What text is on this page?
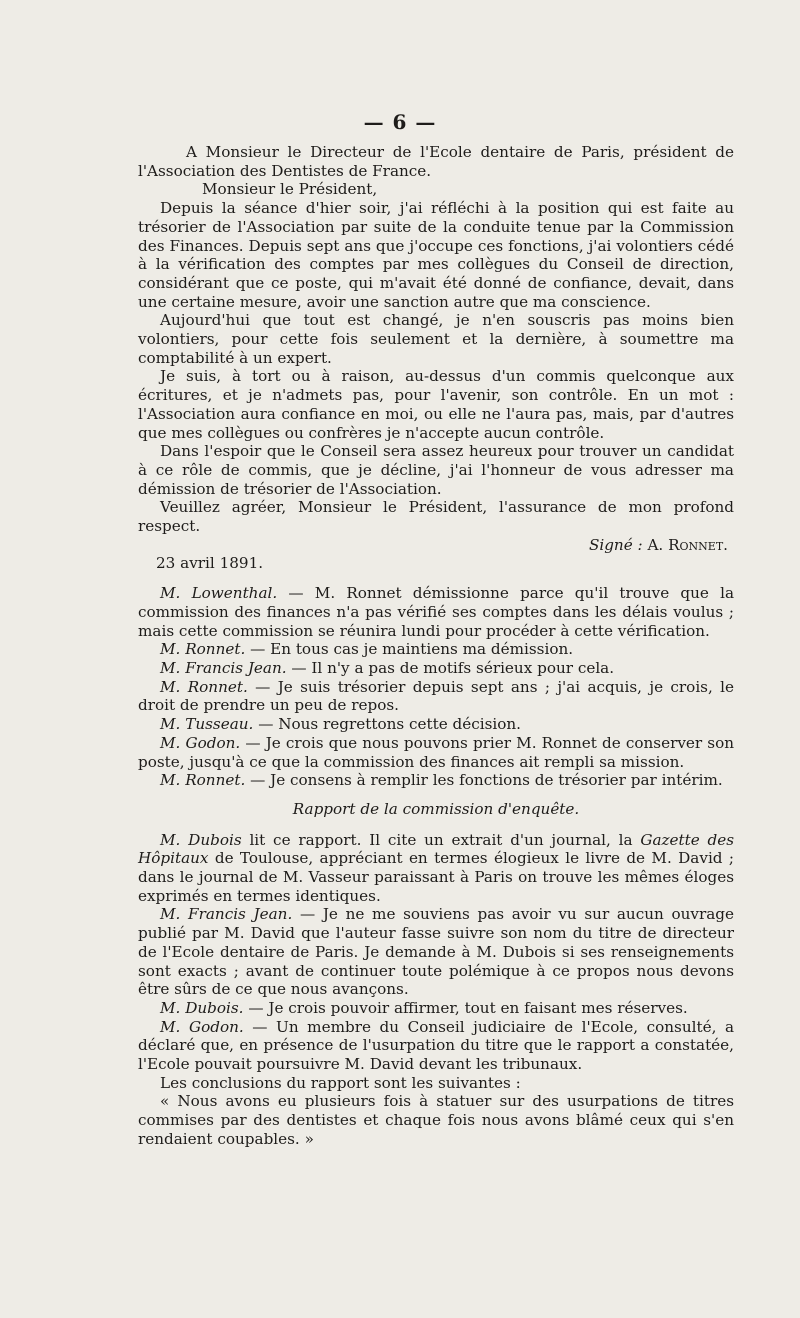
— 6 —

A Monsieur le Directeur de l'Ecole dentaire de Paris, président de l'Association des Dentistes de France.

Monsieur le Président,

Depuis la séance d'hier soir, j'ai réfléchi à la position qui est faite au trésorier de l'Association par suite de la conduite tenue par la Commission des Finances. Depuis sept ans que j'occupe ces fonctions, j'ai volontiers cédé à la vérification des comptes par mes collègues du Conseil de direction, considérant que ce poste, qui m'avait été donné de confiance, devait, dans une certaine mesure, avoir une sanction autre que ma conscience.

Aujourd'hui que tout est changé, je n'en souscris pas moins bien volontiers, pour cette fois seulement et la dernière, à soumettre ma comptabilité à un expert.

Je suis, à tort ou à raison, au-dessus d'un commis quelconque aux écritures, et je n'admets pas, pour l'avenir, son contrôle. En un mot : l'Association aura confiance en moi, ou elle ne l'aura pas, mais, par d'autres que mes collègues ou confrères je n'accepte aucun contrôle.

Dans l'espoir que le Conseil sera assez heureux pour trouver un candidat à ce rôle de commis, que je décline, j'ai l'honneur de vous adresser ma démission de trésorier de l'Association.

Veuillez agréer, Monsieur le Président, l'assurance de mon profond respect.

Signé : A. Ronnet.

23 avril 1891.

M. Lowenthal. — M. Ronnet démissionne parce qu'il trouve que la commission des finances n'a pas vérifié ses comptes dans les délais voulus ; mais cette commission se réunira lundi pour procéder à cette vérification.

M. Ronnet. — En tous cas je maintiens ma démission.

M. Francis Jean. — Il n'y a pas de motifs sérieux pour cela.

M. Ronnet. — Je suis trésorier depuis sept ans ; j'ai acquis, je crois, le droit de prendre un peu de repos.

M. Tusseau. — Nous regrettons cette décision.

M. Godon. — Je crois que nous pouvons prier M. Ronnet de conserver son poste, jusqu'à ce que la commission des finances ait rempli sa mission.

M. Ronnet. — Je consens à remplir les fonctions de trésorier par intérim.

Rapport de la commission d'enquête.

M. Dubois lit ce rapport. Il cite un extrait d'un journal, la Gazette des Hôpitaux de Toulouse, appréciant en termes élogieux le livre de M. David ; dans le journal de M. Vasseur paraissant à Paris on trouve les mêmes éloges exprimés en termes identiques.

M. Francis Jean. — Je ne me souviens pas avoir vu sur aucun ouvrage publié par M. David que l'auteur fasse suivre son nom du titre de directeur de l'Ecole dentaire de Paris. Je demande à M. Dubois si ses renseignements sont exacts ; avant de continuer toute polémique à ce propos nous devons être sûrs de ce que nous avançons.

M. Dubois. — Je crois pouvoir affirmer, tout en faisant mes réserves.

M. Godon. — Un membre du Conseil judiciaire de l'Ecole, consulté, a déclaré que, en présence de l'usurpation du titre que le rapport a constatée, l'Ecole pouvait poursuivre M. David devant les tribunaux.

Les conclusions du rapport sont les suivantes :

« Nous avons eu plusieurs fois à statuer sur des usurpations de titres commises par des dentistes et chaque fois nous avons blâmé ceux qui s'en rendaient coupables. »
